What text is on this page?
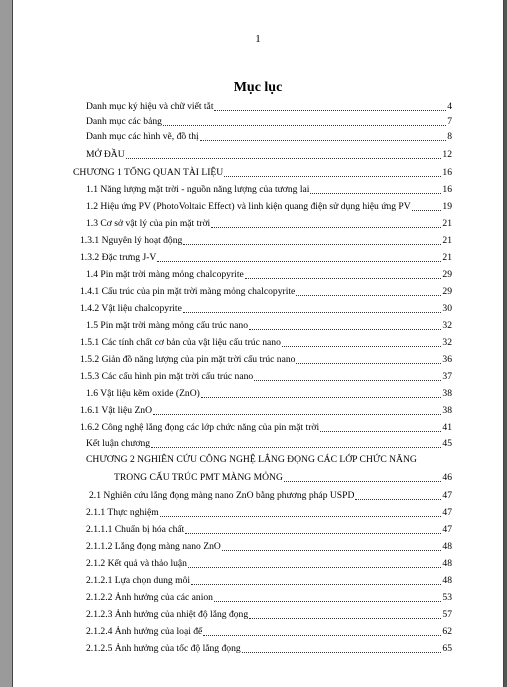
1
Mục lục
Danh mục ký hiệu và chữ viết tắt	4
Danh mục các bảng	7
Danh mục các hình vẽ, đồ thị	8
MỞ ĐẦU	12
CHƯƠNG 1 TỔNG QUAN TÀI LIỆU	16
1.1 Năng lượng mặt trời - nguồn năng lượng của tương lai	16
1.2 Hiệu ứng PV (PhotoVoltaic Effect) và linh kiện quang điện sử dụng hiệu ứng PV	19
1.3 Cơ sở vật lý của pin mặt trời	21
1.3.1 Nguyên lý hoạt động	21
1.3.2 Đặc trưng J-V	21
1.4 Pin mặt trời màng mỏng chalcopyrite	29
1.4.1 Cấu trúc của pin mặt trời màng mỏng chalcopyrite	29
1.4.2 Vật liệu chalcopyrite	30
1.5 Pin mặt trời màng mỏng cấu trúc nano	32
1.5.1 Các tính chất cơ bản của vật liệu cấu trúc nano	32
1.5.2 Giản đồ năng lượng của pin mặt trời cấu trúc nano	36
1.5.3 Các cấu hình pin mặt trời cấu trúc nano	37
1.6 Vật liệu kẽm oxide (ZnO)	38
1.6.1 Vật liệu ZnO	38
1.6.2 Công nghệ lắng đọng các lớp chức năng của pin mặt trời	41
Kết luận chương	45
CHƯƠNG 2 NGHIÊN CỨU CÔNG NGHỆ LẮNG ĐỌNG CÁC LỚP CHỨC NĂNG
TRONG CẤU TRÚC PMT MÀNG MỎNG	46
2.1 Nghiên cứu lắng đọng màng nano ZnO bằng phương pháp USPD	47
2.1.1 Thực nghiệm	47
2.1.1.1 Chuẩn bị hóa chất	47
2.1.1.2 Lắng đọng màng nano ZnO	48
2.1.2 Kết quả và thảo luận	48
2.1.2.1 Lựa chọn dung môi	48
2.1.2.2 Ảnh hưởng của các anion	53
2.1.2.3 Ảnh hưởng của nhiệt độ lắng đọng	57
2.1.2.4 Ảnh hưởng của loại đế	62
2.1.2.5 Ảnh hưởng của tốc độ lắng đọng	65
